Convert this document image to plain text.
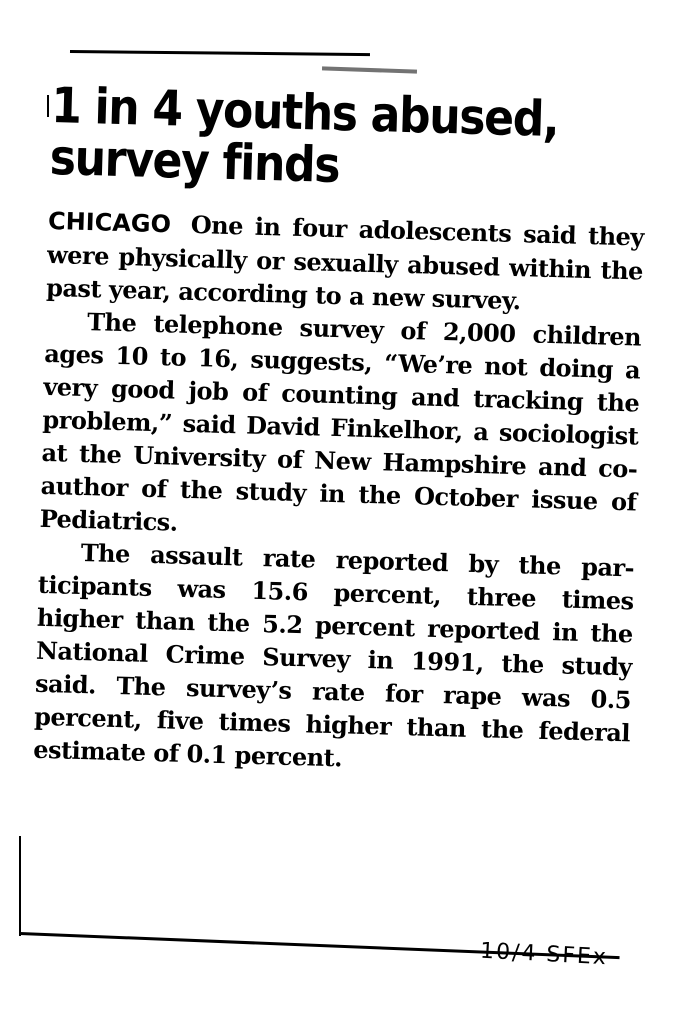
1 in 4 youths abused,
survey finds

CHICAGO One in four adolescents said they were physically or sexually abused within the past year, according to a new survey.

The telephone survey of 2,000 children ages 10 to 16, suggests, “We’re not doing a very good job of counting and tracking the problem,” said David Finkelhor, a sociologist at the University of New Hampshire and co-author of the study in the October issue of Pediatrics.

The assault rate reported by the participants was 15.6 percent, three times higher than the 5.2 percent reported in the National Crime Survey in 1991, the study said. The survey’s rate for rape was 0.5 percent, five times higher than the federal estimate of 0.1 percent.

10/4 SFEx
